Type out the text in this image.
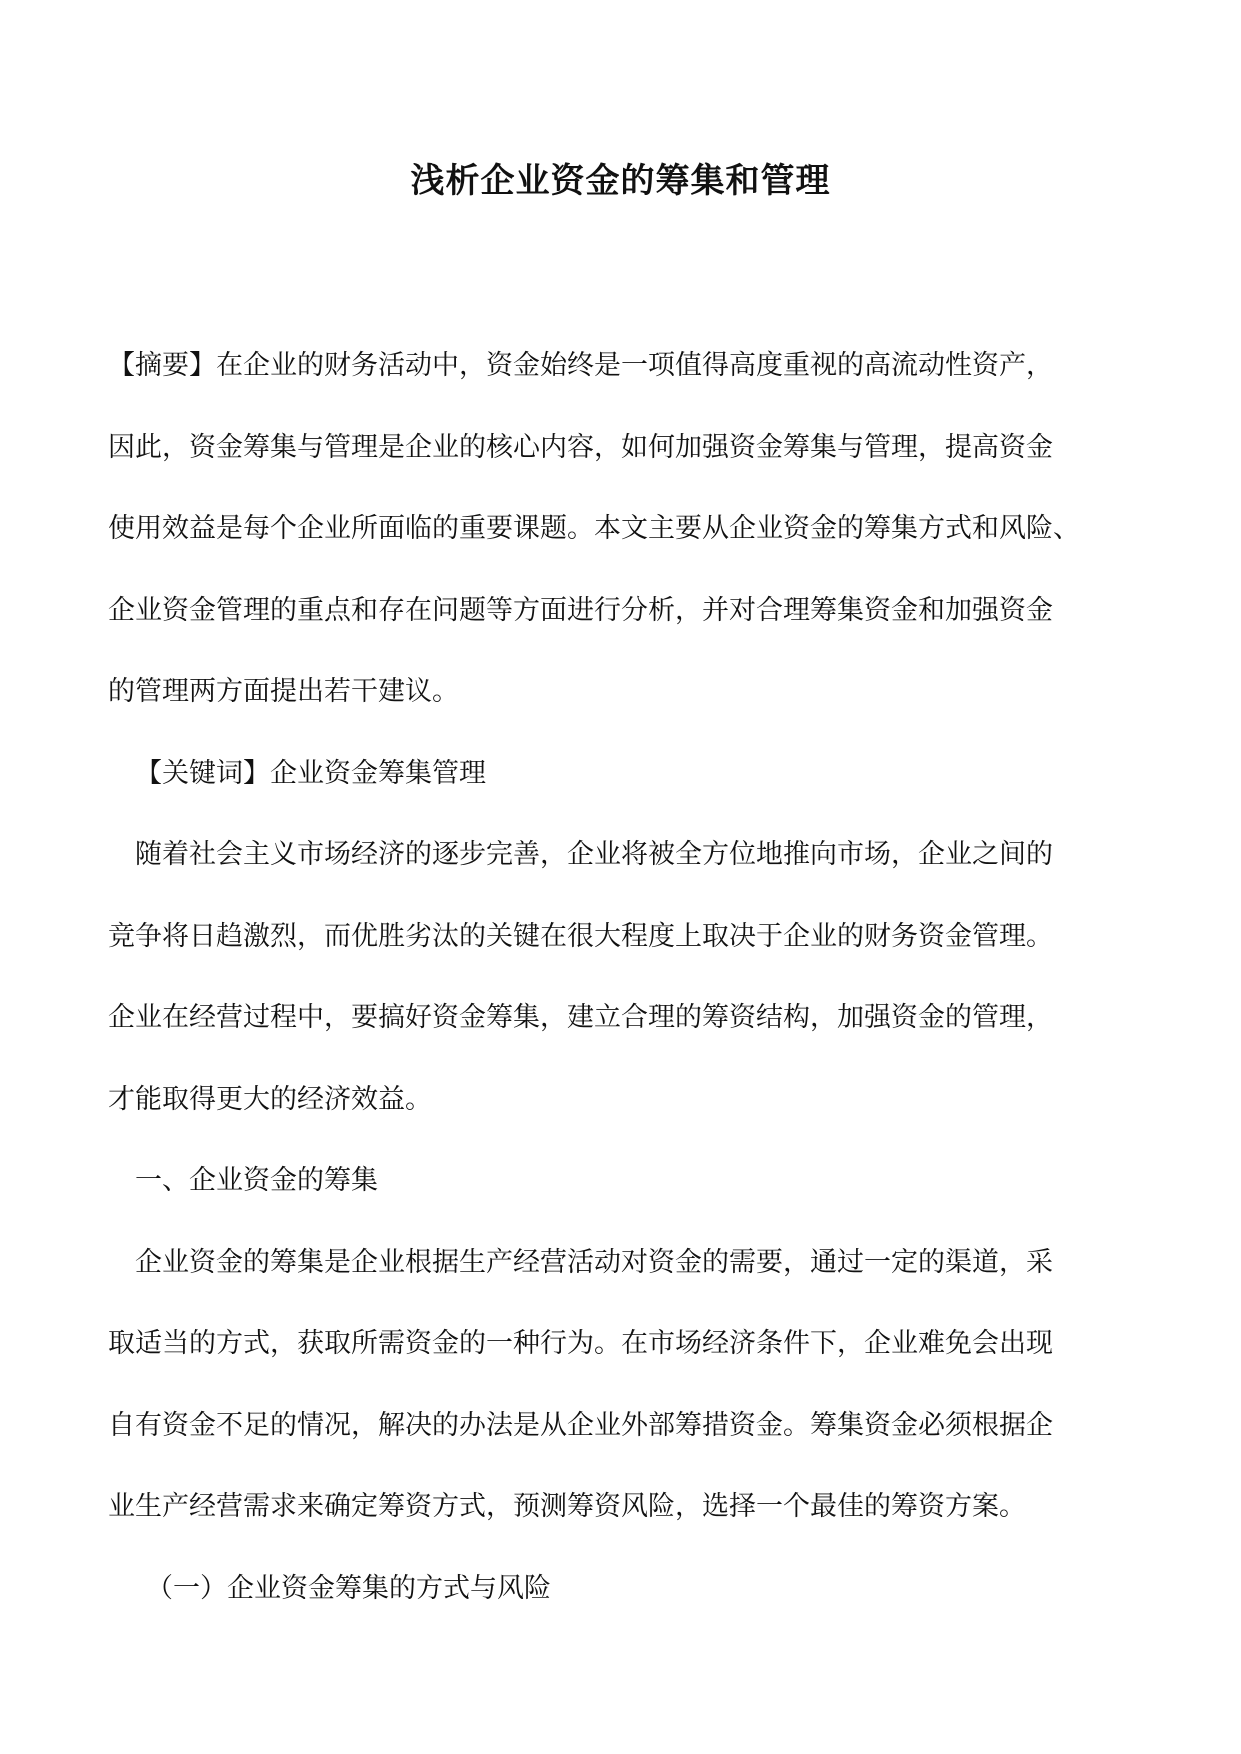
浅析企业资金的筹集和管理
【摘要】在企业的财务活动中，资金始终是一项值得高度重视的高流动性资产，
因此，资金筹集与管理是企业的核心内容，如何加强资金筹集与管理，提高资金
使用效益是每个企业所面临的重要课题。本文主要从企业资金的筹集方式和风险、
企业资金管理的重点和存在问题等方面进行分析，并对合理筹集资金和加强资金
的管理两方面提出若干建议。
【关键词】企业资金筹集管理
随着社会主义市场经济的逐步完善，企业将被全方位地推向市场，企业之间的
竞争将日趋激烈，而优胜劣汰的关键在很大程度上取决于企业的财务资金管理。
企业在经营过程中，要搞好资金筹集，建立合理的筹资结构，加强资金的管理，
才能取得更大的经济效益。
一、企业资金的筹集
企业资金的筹集是企业根据生产经营活动对资金的需要，通过一定的渠道，采
取适当的方式，获取所需资金的一种行为。在市场经济条件下，企业难免会出现
自有资金不足的情况，解决的办法是从企业外部筹措资金。筹集资金必须根据企
业生产经营需求来确定筹资方式，预测筹资风险，选择一个最佳的筹资方案。
（一）企业资金筹集的方式与风险
